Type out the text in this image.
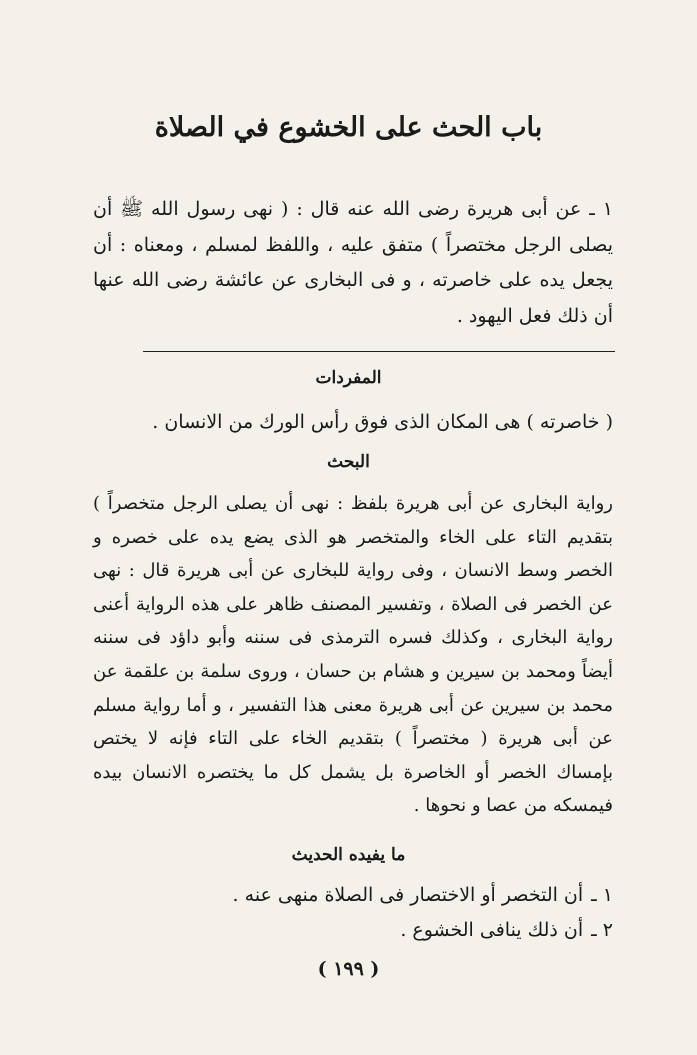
باب الحث على الخشوع في الصلاة

١ ـ عن أبى هريرة رضى الله عنه قال : ( نهى رسول الله ﷺ أن يصلى الرجل مختصراً ) متفق عليه ، واللفظ لمسلم ، ومعناه : أن يجعل يده على خاصرته ، و فى البخارى عن عائشة رضى الله عنها أن ذلك فعل اليهود .

المفردات

( خاصرته ) هى المكان الذى فوق رأس الورك من الانسان .

البحث

رواية البخارى عن أبى هريرة بلفظ : نهى أن يصلى الرجل متخصراً ) بتقديم التاء على الخاء والمتخصر هو الذى يضع يده على خصره و الخصر وسط الانسان ، وفى رواية للبخارى عن أبى هريرة قال : نهى عن الخصر فى الصلاة ، وتفسير المصنف ظاهر على هذه الرواية أعنى رواية البخارى ، وكذلك فسره الترمذى فى سننه وأبو داؤد فى سننه أيضاً ومحمد بن سيرين و هشام بن حسان ، وروى سلمة بن علقمة عن محمد بن سيرين عن أبى هريرة معنى هذا التفسير ، و أما رواية مسلم عن أبى هريرة ( مختصراً ) بتقديم الخاء على التاء فإنه لا يختص بإمساك الخصر أو الخاصرة بل يشمل كل ما يختصره الانسان بيده فيمسكه من عصا و نحوها .

ما يفيده الحديث
١ ـأن التخصر أو الاختصار فى الصلاة منهى عنه .
٢ ـأن ذلك ينافى الخشوع .
( ١٩٩ )
